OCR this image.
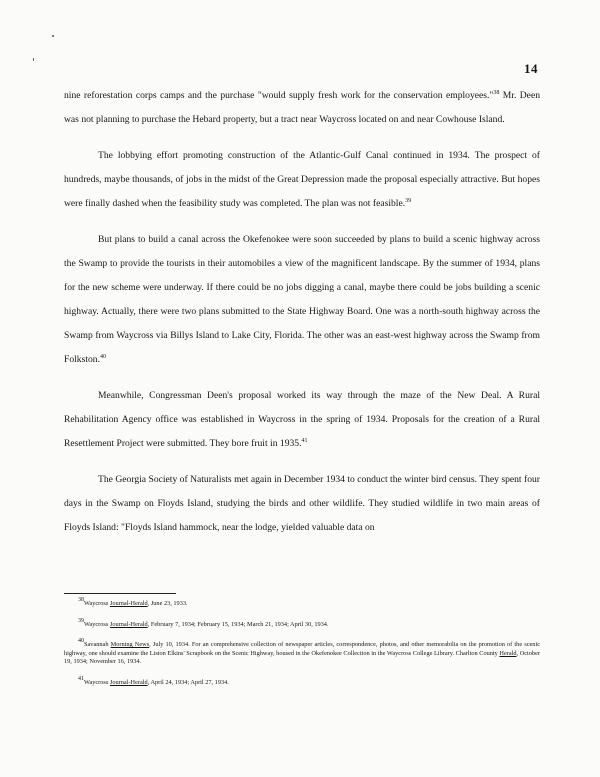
14

nine reforestation corps camps and the purchase "would supply fresh work for the conservation employees."$^{38}$ Mr. Deen was not planning to purchase the Hebard property, but a tract near Waycross located on and near Cowhouse Island.

The lobbying effort promoting construction of the Atlantic-Gulf Canal continued in 1934. The prospect of hundreds, maybe thousands, of jobs in the midst of the Great Depression made the proposal especially attractive. But hopes were finally dashed when the feasibility study was completed. The plan was not feasible.$^{39}$

But plans to build a canal across the Okefenokee were soon succeeded by plans to build a scenic highway across the Swamp to provide the tourists in their automobiles a view of the magnificent landscape. By the summer of 1934, plans for the new scheme were underway. If there could be no jobs digging a canal, maybe there could be jobs building a scenic highway. Actually, there were two plans submitted to the State Highway Board. One was a north-south highway across the Swamp from Waycross via Billys Island to Lake City, Florida. The other was an east-west highway across the Swamp from Folkston.$^{40}$

Meanwhile, Congressman Deen's proposal worked its way through the maze of the New Deal. A Rural Rehabilitation Agency office was established in Waycross in the spring of 1934. Proposals for the creation of a Rural Resettlement Project were submitted. They bore fruit in 1935.41

The Georgia Society of Naturalists met again in December 1934 to conduct the winter bird census. They spent four days in the Swamp on Floyds Island, studying the birds and other wildlife. They studied wildlife in two main areas of Floyds Island: "Floyds Island hammock, near the lodge, yielded valuable data on

$^{38}$Waycross Journal-Herald, June 23, 1933.

$^{39}$Waycross Journal-Herald, February 7, 1934; February 15, 1934; March 21, 1934; April 30, 1934.

$^{40}$Savannah Morning News, July 10, 1934. For an comprehensive collection of newspaper articles, correspondence, photos, and other memorabilia on the promotion of the scenic highway, one should examine the Liston Elkins' Scrapbook on the Scenic Highway, housed in the Okefenokee Collection in the Waycross College Library. Charlton County Herald, October 19, 1934; November 16, 1934.

$^{41}$Waycross Journal-Herald, April 24, 1934; April 27, 1934.
